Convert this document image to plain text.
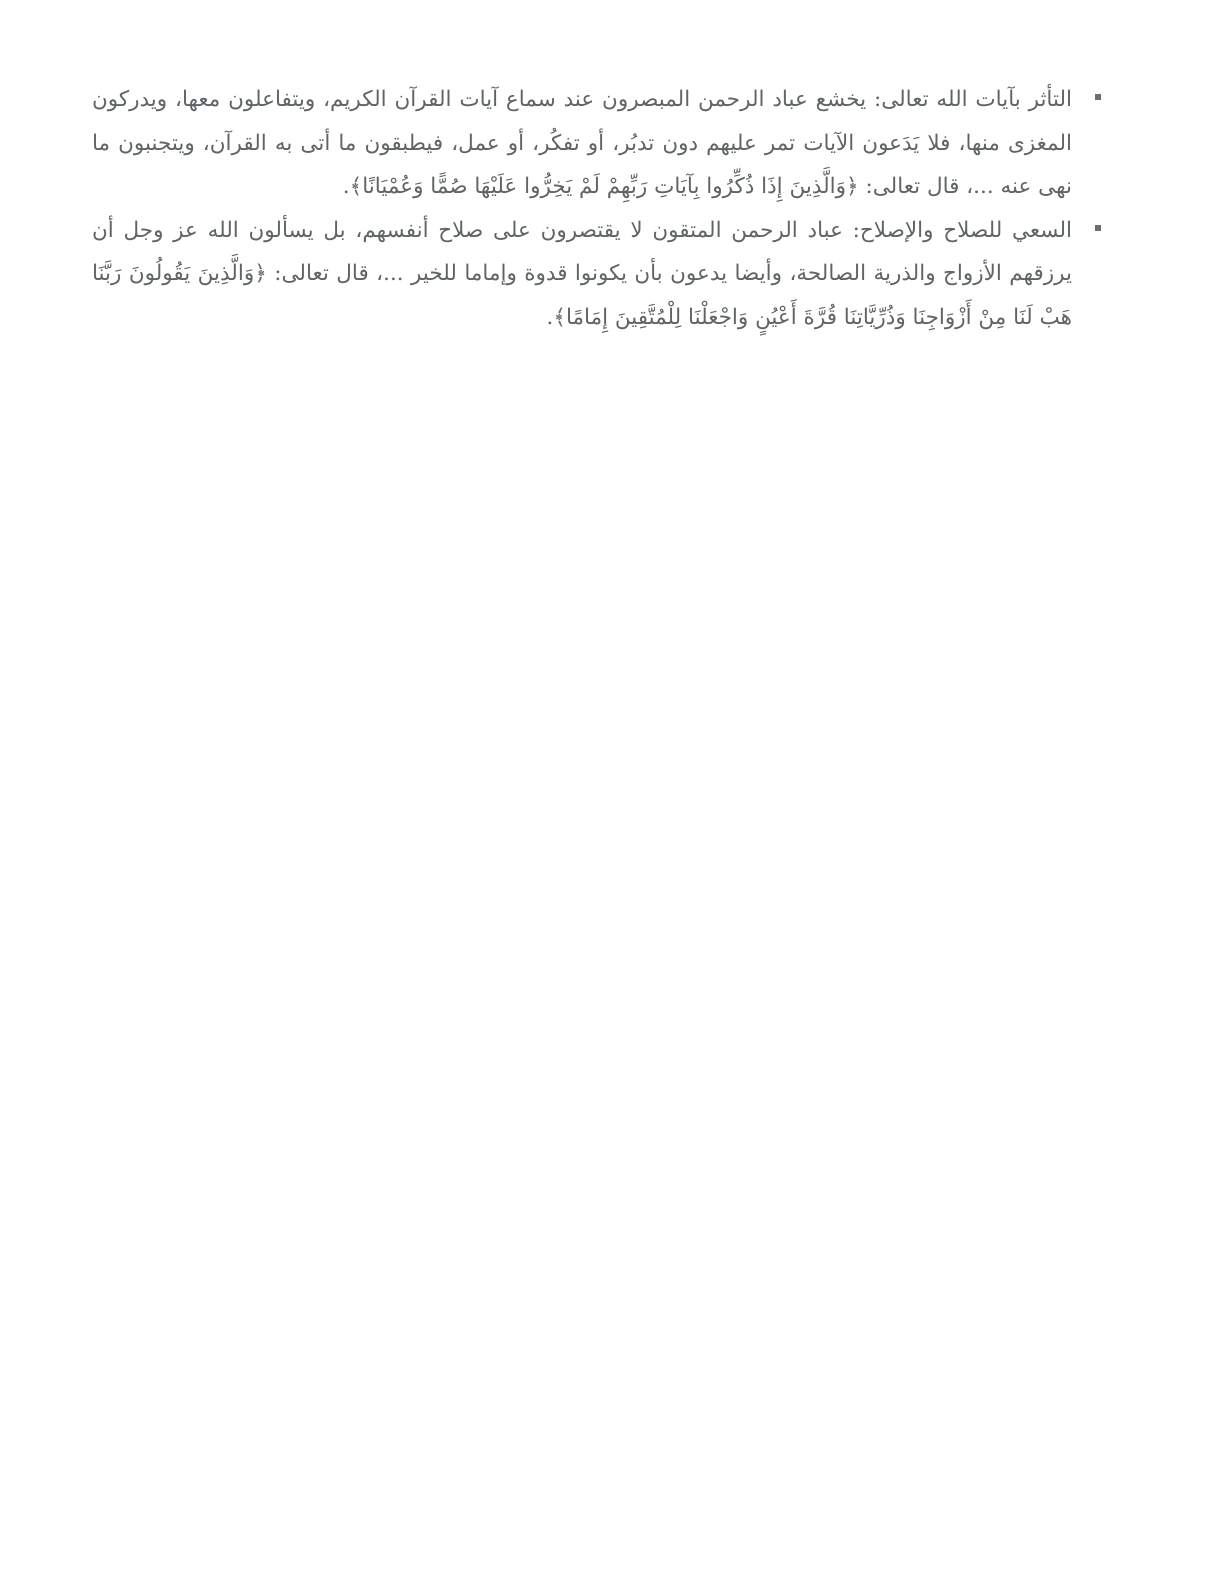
التأثر بآيات الله تعالى: يخشع عباد الرحمن المبصرون عند سماع آيات القرآن الكريم، ويتفاعلون معها، ويدركون المغزى منها، فلا يَدَعون الآيات تمر عليهم دون تدبُر، أو تفكُر، أو عمل، فيطبقون ما أتى به القرآن، ويتجنبون ما نهى عنه ...، قال تعالى: ﴿وَالَّذِينَ إِذَا ذُكِّرُوا بِآيَاتِ رَبِّهِمْ لَمْ يَخِرُّوا عَلَيْهَا صُمًّا وَعُمْيَانًا﴾.
السعي للصلاح والإصلاح: عباد الرحمن المتقون لا يقتصرون على صلاح أنفسهم، بل يسألون الله عز وجل أن يرزقهم الأزواج والذرية الصالحة، وأيضا يدعون بأن يكونوا قدوة وإماما للخير ...، قال تعالى: ﴿وَالَّذِينَ يَقُولُونَ رَبَّنَا هَبْ لَنَا مِنْ أَزْوَاجِنَا وَذُرِّيَّاتِنَا قُرَّةَ أَعْيُنٍ وَاجْعَلْنَا لِلْمُتَّقِينَ إِمَامًا﴾.
